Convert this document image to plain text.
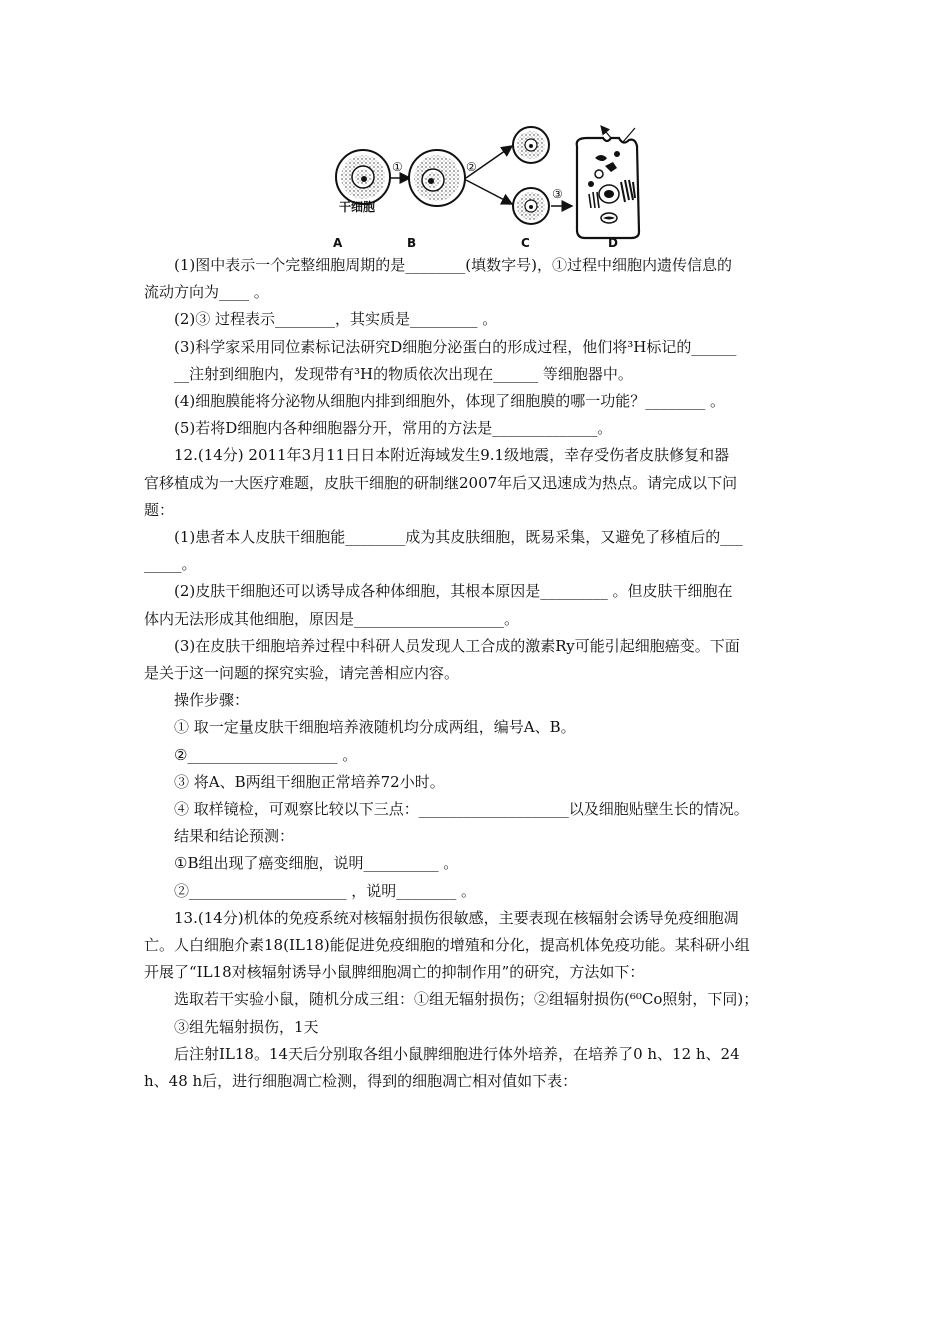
干细胞
①	②
③
A	B	C	D

(1)图中表示一个完整细胞周期的是________(填数字号)，①过程中细胞内遗传信息的

流动方向为____ 。

(2)③ 过程表示________，其实质是_________ 。

(3)科学家采用同位素标记法研究D细胞分泌蛋白的形成过程，他们将³H标记的______

__注射到细胞内，发现带有³H的物质依次出现在______ 等细胞器中。

(4)细胞膜能将分泌物从细胞内排到细胞外，体现了细胞膜的哪一功能？________ 。

(5)若将D细胞内各种细胞器分开，常用的方法是______________。

12.(14分) 2011年3月11日日本附近海域发生9.1级地震，幸存受伤者皮肤修复和器

官移植成为一大医疗难题，皮肤干细胞的研制继2007年后又迅速成为热点。请完成以下问

题：

(1)患者本人皮肤干细胞能________成为其皮肤细胞，既易采集，又避免了移植后的___

_____。

(2)皮肤干细胞还可以诱导成各种体细胞，其根本原因是_________ 。但皮肤干细胞在

体内无法形成其他细胞，原因是____________________。

(3)在皮肤干细胞培养过程中科研人员发现人工合成的激素Ry可能引起细胞癌变。下面

是关于这一问题的探究实验，请完善相应内容。

操作步骤：

① 取一定量皮肤干细胞培养液随机均分成两组，编号A、B。

②____________________ 。

③ 将A、B两组干细胞正常培养72小时。

④ 取样镜检，可观察比较以下三点：____________________以及细胞贴壁生长的情况。

结果和结论预测：

①B组出现了癌变细胞，说明__________ 。

②_____________________ ，说明________ 。

13.(14分)机体的免疫系统对核辐射损伤很敏感，主要表现在核辐射会诱导免疫细胞凋

亡。人白细胞介素18(IL18)能促进免疫细胞的增殖和分化，提高机体免疫功能。某科研小组

开展了“IL18对核辐射诱导小鼠脾细胞凋亡的抑制作用”的研究，方法如下：

选取若干实验小鼠，随机分成三组：①组无辐射损伤；②组辐射损伤(⁶⁰Co照射，下同)；

③组先辐射损伤，1天

后注射IL18。14天后分别取各组小鼠脾细胞进行体外培养，在培养了0 h、12 h、24

h、48 h后，进行细胞凋亡检测，得到的细胞凋亡相对值如下表：
